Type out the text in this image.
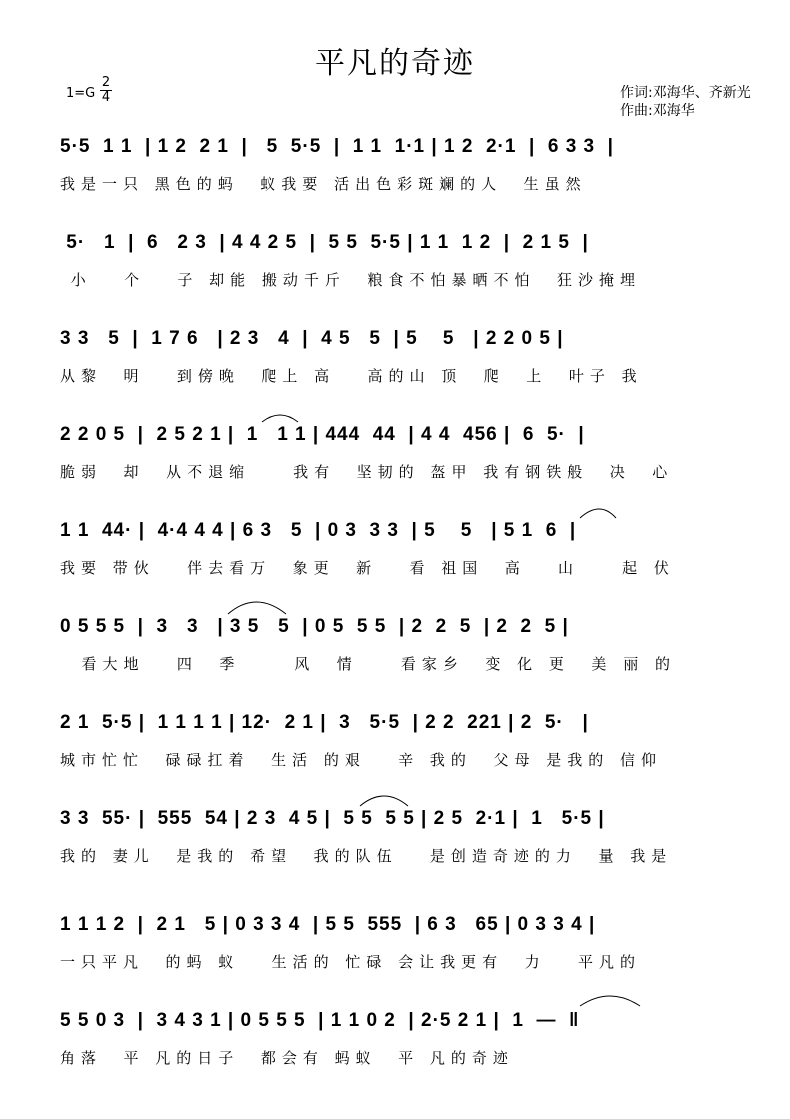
平凡的奇迹
1=G
2
4	作词:邓海华、齐新光
作曲:邓海华
5·5  1 1  | 1 2  2 1  |   5  5·5  |  1 1  1·1 | 1 2  2·1  |  6 3 3  |
我是一只 黑色的蚂  蚁我要 活出色彩斑斓的人  生虽然
5·   1  |  6   2 3  | 4 4 2 5  |  5 5  5·5 | 1 1  1 2  |  2 1 5  |
小   个   子 却能 搬动千斤  粮食不怕暴晒不怕  狂沙掩埋
3 3   5  |  1 7 6   | 2 3   4  |  4 5   5  | 5    5   | 2 2 0 5 |
从黎  明   到傍晚  爬上 高   高的山 顶  爬  上  叶子 我
2 2 0 5  |  2 5 2 1 |  1   1 1 | 444  44  | 4 4  456 |  6  5·  |
脆弱  却  从不退缩    我有  坚韧的 盔甲 我有钢铁般  决  心
1 1  44· |  4·4 4 4 | 6 3   5  | 0 3  3 3  | 5    5   | 5 1  6  |
我要 带伙   伴去看万  象更  新   看 祖国  高   山    起 伏
0 5 5 5  |  3   3   | 3 5   5  | 0 5  5 5  | 2  2  5  | 2  2  5 |
看大地   四  季     风  情    看家乡  变 化 更  美 丽 的
2 1  5·5 |  1 1 1 1 | 12·  2 1 |  3   5·5  | 2 2  221 | 2  5·   |
城市忙忙  碌碌扛着  生活 的艰   辛 我的  父母 是我的 信仰
3 3  55· |  555  54 | 2 3  4 5 |  5 5  5 5 | 2 5  2·1 |  1   5·5 |
我的 妻儿  是我的 希望  我的队伍   是创造奇迹的力  量 我是
1 1 1 2  |  2 1   5 | 0 3 3 4  | 5 5  555  | 6 3   65 | 0 3 3 4 |
一只平凡  的蚂 蚁   生活的 忙碌 会让我更有  力   平凡的
5 5 0 3  |  3 4 3 1 | 0 5 5 5  | 1 1 0 2  | 2·5 2 1 |  1  —  ‖
角落  平 凡的日子  都会有 蚂蚁  平 凡的奇迹
